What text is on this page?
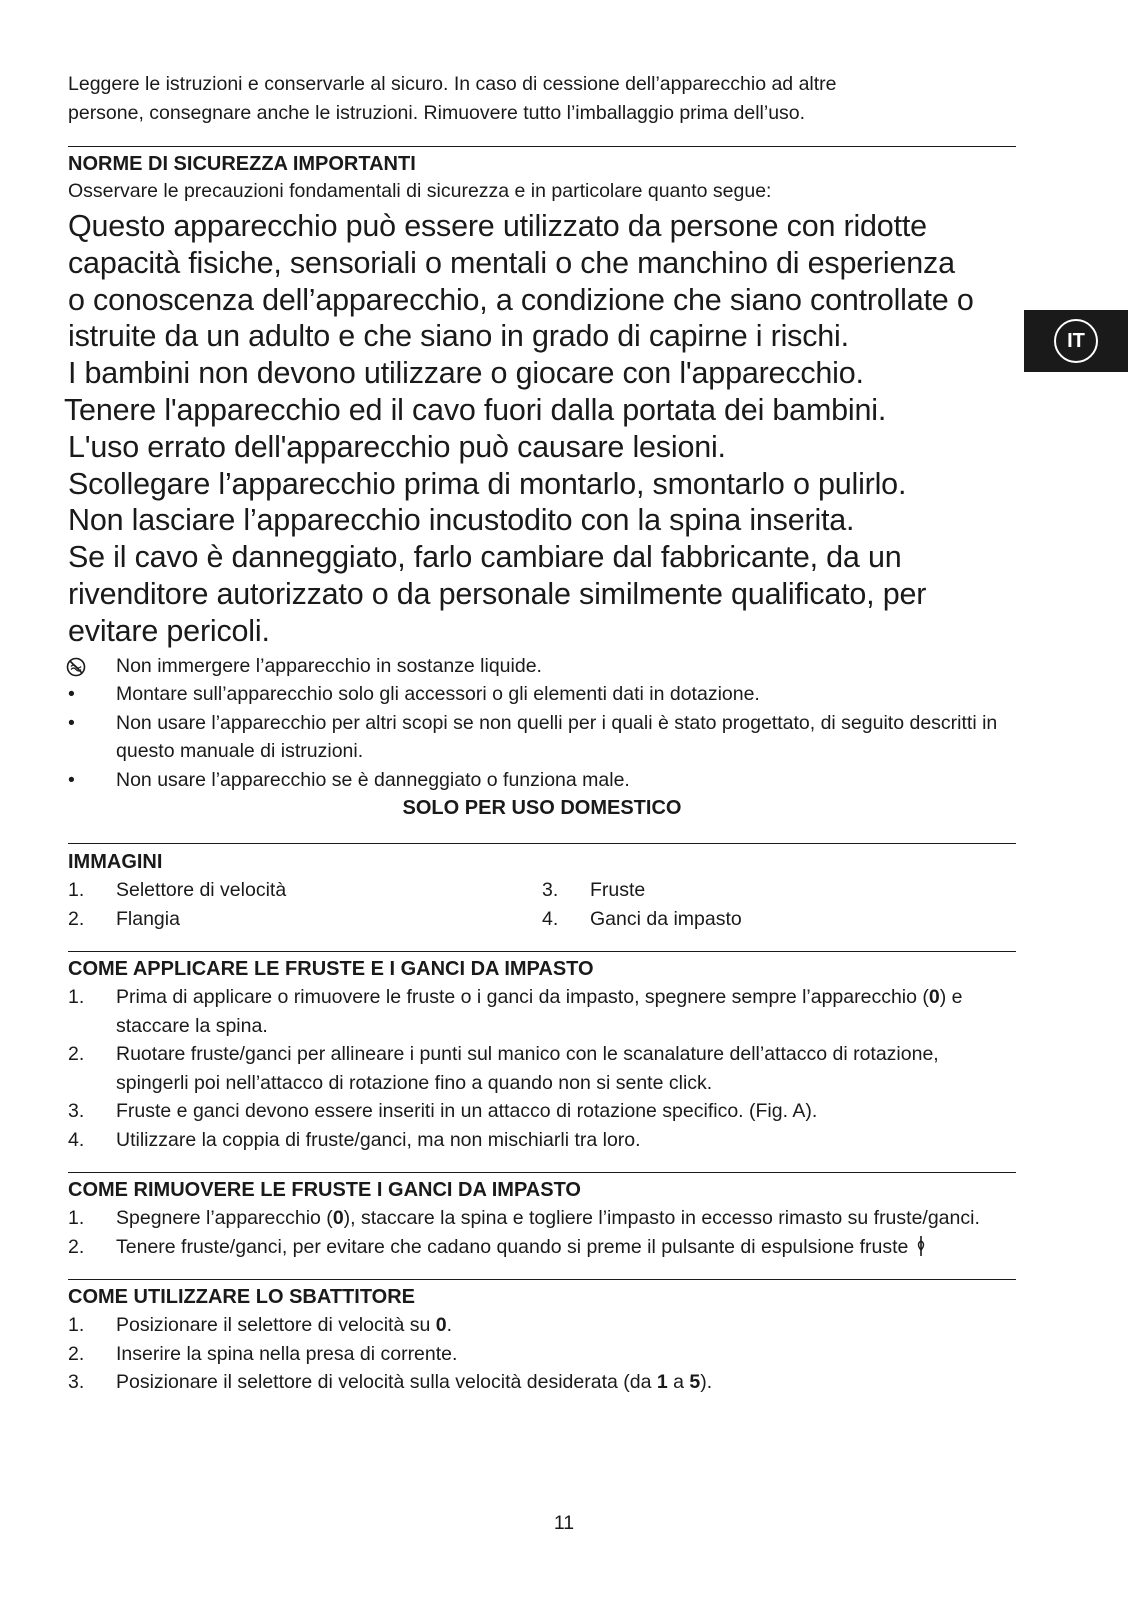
Leggere le istruzioni e conservarle al sicuro. In caso di cessione dell’apparecchio ad altre

persone, consegnare anche le istruzioni. Rimuovere tutto l’imballaggio prima dell’uso.

NORME DI SICUREZZA IMPORTANTI

Osservare le precauzioni fondamentali di sicurezza e in particolare quanto segue:

Questo apparecchio può essere utilizzato da persone con ridotte
capacità fisiche, sensoriali o mentali o che manchino di esperienza
o conoscenza dell’apparecchio, a condizione che siano controllate o
istruite da un adulto e che siano in grado di capirne i rischi.
I bambini non devono utilizzare o giocare con l'apparecchio.
Tenere l'apparecchio ed il cavo fuori dalla portata dei bambini.
L'uso errato dell'apparecchio può causare lesioni.
Scollegare l’apparecchio prima di montarlo, smontarlo o pulirlo.
Non lasciare l’apparecchio incustodito con la spina inserita.
Se il cavo è danneggiato, farlo cambiare dal fabbricante, da un
rivenditore autorizzato o da personale similmente qualificato, per
evitare pericoli.
Non immergere l’apparecchio in sostanze liquide.
•	Montare sull’apparecchio solo gli accessori o gli elementi dati in dotazione.
•	Non usare l’apparecchio per altri scopi se non quelli per i quali è stato progettato, di seguito descritti in questo manuale di istruzioni.
•	Non usare l’apparecchio se è danneggiato o funziona male.

SOLO PER USO DOMESTICO

IMMAGINI

1.	Selettore di velocità
2.	Flangia
3.	Fruste
4.	Ganci da impasto

COME APPLICARE LE FRUSTE E I GANCI DA IMPASTO

1.	Prima di applicare o rimuovere le fruste o i ganci da impasto, spegnere sempre l’apparecchio (0) e staccare la spina.
2.	Ruotare fruste/ganci per allineare i punti sul manico con le scanalature dell’attacco di rotazione, spingerli poi nell’attacco di rotazione fino a quando non si sente click.
3.	Fruste e ganci devono essere inseriti in un attacco di rotazione specifico. (Fig. A).
4.	Utilizzare la coppia di fruste/ganci, ma non mischiarli tra loro.

COME RIMUOVERE LE FRUSTE I GANCI DA IMPASTO

1.	Spegnere l’apparecchio (0), staccare la spina e togliere l’impasto in eccesso rimasto su fruste/ganci.
2.	Tenere fruste/ganci, per evitare che cadano quando si preme il pulsante di espulsione fruste

COME UTILIZZARE LO SBATTITORE

1.	Posizionare il selettore di velocità su 0.
2.	Inserire la spina nella presa di corrente.
3.	Posizionare il selettore di velocità sulla velocità desiderata (da 1 a 5).
IT
11
